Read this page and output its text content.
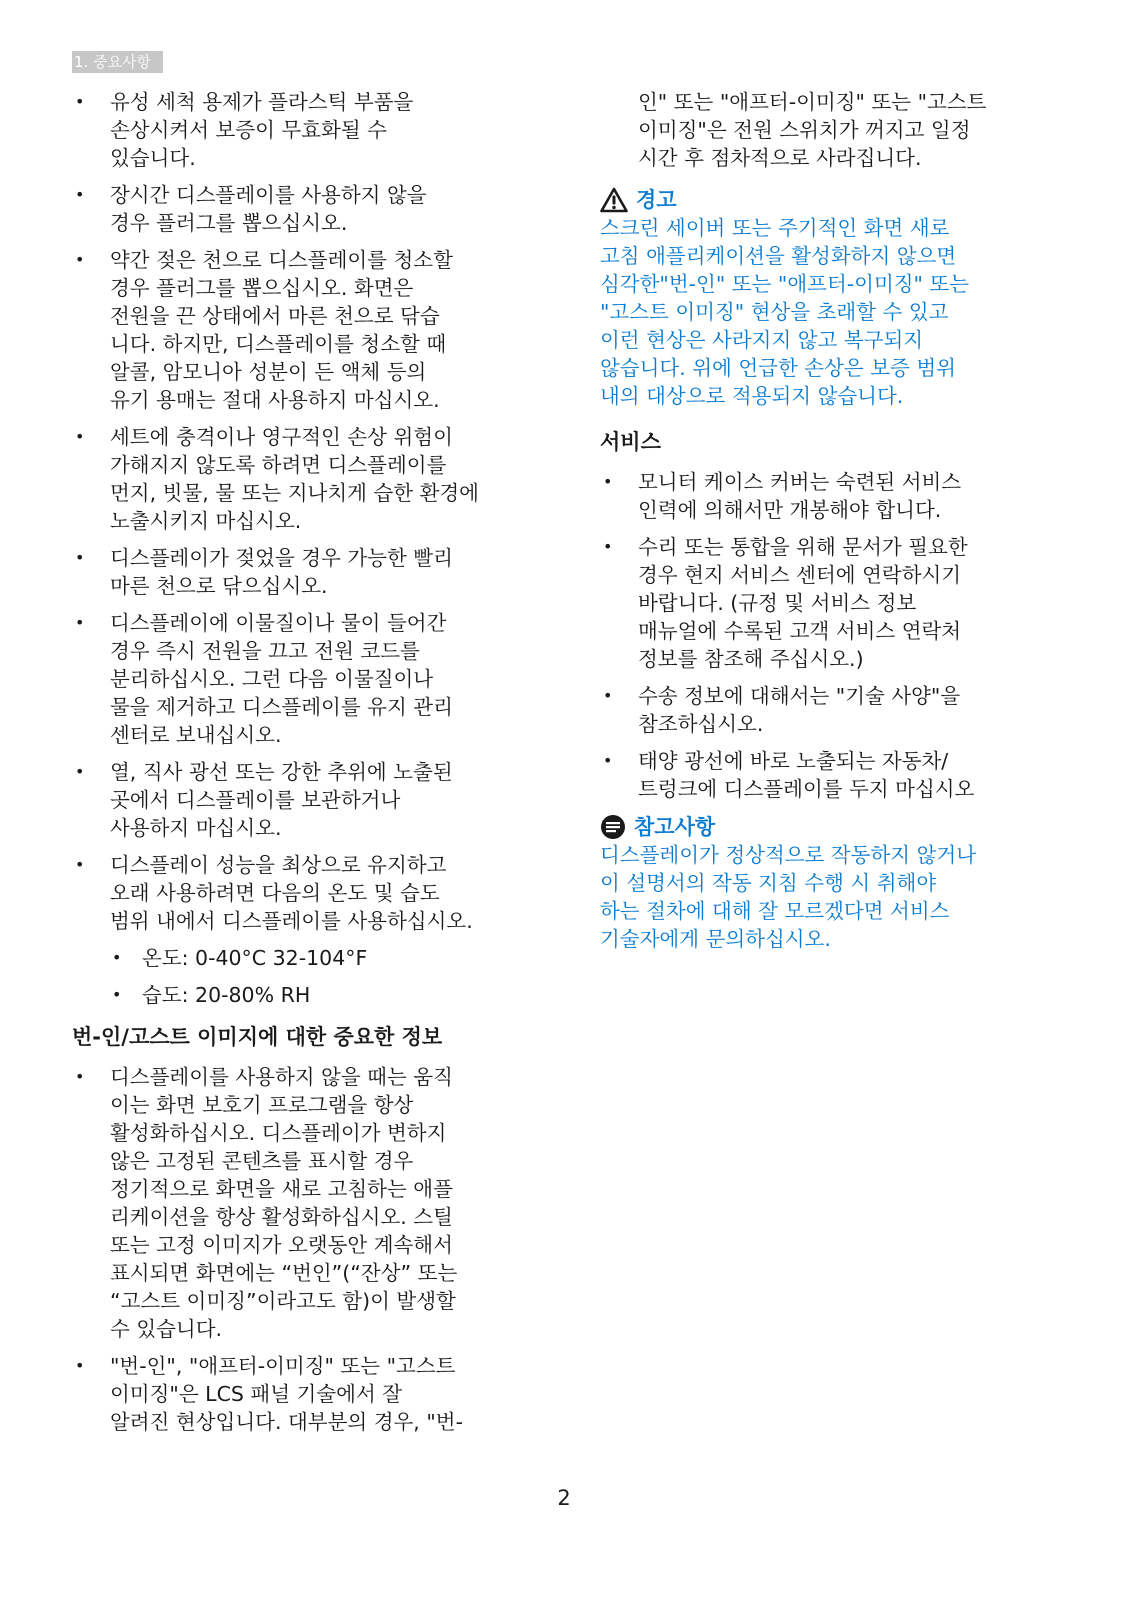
1. 중요사항
• 유성 세척 용제가 플라스틱 부품을
손상시켜서 보증이 무효화될 수
있습니다.
• 장시간 디스플레이를 사용하지 않을
경우 플러그를 뽑으십시오.
• 약간 젖은 천으로 디스플레이를 청소할
경우 플러그를 뽑으십시오. 화면은
전원을 끈 상태에서 마른 천으로 닦습
니다. 하지만, 디스플레이를 청소할 때
알콜, 암모니아 성분이 든 액체 등의
유기 용매는 절대 사용하지 마십시오.
• 세트에 충격이나 영구적인 손상 위험이
가해지지 않도록 하려면 디스플레이를
먼지, 빗물, 물 또는 지나치게 습한 환경에
노출시키지 마십시오.
• 디스플레이가 젖었을 경우 가능한 빨리
마른 천으로 닦으십시오.
• 디스플레이에 이물질이나 물이 들어간
경우 즉시 전원을 끄고 전원 코드를
분리하십시오. 그런 다음 이물질이나
물을 제거하고 디스플레이를 유지 관리
센터로 보내십시오.
• 열, 직사 광선 또는 강한 추위에 노출된
곳에서 디스플레이를 보관하거나
사용하지 마십시오.
• 디스플레이 성능을 최상으로 유지하고
오래 사용하려면 다음의 온도 및 습도
범위 내에서 디스플레이를 사용하십시오.
• 온도: 0-40°C 32-104°F
• 습도: 20-80% RH
번-인/고스트 이미지에 대한 중요한 정보
• 디스플레이를 사용하지 않을 때는 움직
이는 화면 보호기 프로그램을 항상
활성화하십시오. 디스플레이가 변하지
않은 고정된 콘텐츠를 표시할 경우
정기적으로 화면을 새로 고침하는 애플
리케이션을 항상 활성화하십시오. 스틸
또는 고정 이미지가 오랫동안 계속해서
표시되면 화면에는 “번인”(“잔상” 또는
“고스트 이미징”이라고도 함)이 발생할
수 있습니다.
• "번-인", "애프터-이미징" 또는 "고스트
이미징"은 LCS 패널 기술에서 잘
알려진 현상입니다. 대부분의 경우, "번-

인" 또는 "애프터-이미징" 또는 "고스트
이미징"은 전원 스위치가 꺼지고 일정
시간 후 점차적으로 사라집니다.

경고

스크린 세이버 또는 주기적인 화면 새로
고침 애플리케이션을 활성화하지 않으면
심각한"번-인" 또는 "애프터-이미징" 또는
"고스트 이미징" 현상을 초래할 수 있고
이런 현상은 사라지지 않고 복구되지
않습니다. 위에 언급한 손상은 보증 범위
내의 대상으로 적용되지 않습니다.

서비스
• 모니터 케이스 커버는 숙련된 서비스
인력에 의해서만 개봉해야 합니다.
• 수리 또는 통합을 위해 문서가 필요한
경우 현지 서비스 센터에 연락하시기
바랍니다. (규정 및 서비스 정보
매뉴얼에 수록된 고객 서비스 연락처
정보를 참조해 주십시오.)
• 수송 정보에 대해서는 "기술 사양"을
참조하십시오.
• 태양 광선에 바로 노출되는 자동차/
트렁크에 디스플레이를 두지 마십시오
참고사항

디스플레이가 정상적으로 작동하지 않거나
이 설명서의 작동 지침 수행 시 취해야
하는 절차에 대해 잘 모르겠다면 서비스
기술자에게 문의하십시오.

2
